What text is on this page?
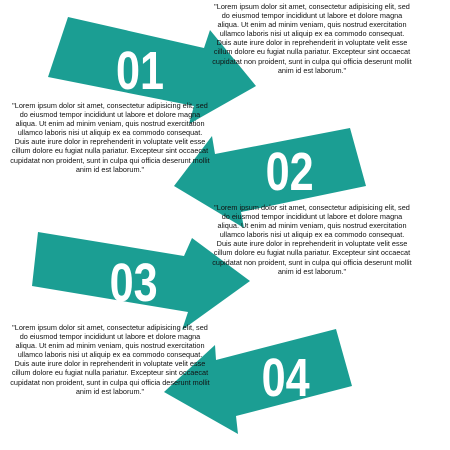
01
02
03
04

"Lorem ipsum dolor sit amet, consectetur adipisicing elit, sed do eiusmod tempor incididunt ut labore et dolore magna aliqua. Ut enim ad minim veniam, quis nostrud exercitation ullamco laboris nisi ut aliquip ex ea commodo consequat. Duis aute irure dolor in reprehenderit in voluptate velit esse cillum dolore eu fugiat nulla pariatur. Excepteur sint occaecat cupidatat non proident, sunt in culpa qui officia deserunt mollit anim id est laborum."

"Lorem ipsum dolor sit amet, consectetur adipisicing elit, sed do eiusmod tempor incididunt ut labore et dolore magna aliqua. Ut enim ad minim veniam, quis nostrud exercitation ullamco laboris nisi ut aliquip ex ea commodo consequat. Duis aute irure dolor in reprehenderit in voluptate velit esse cillum dolore eu fugiat nulla pariatur. Excepteur sint occaecat cupidatat non proident, sunt in culpa qui officia deserunt mollit anim id est laborum."

"Lorem ipsum dolor sit amet, consectetur adipisicing elit, sed do eiusmod tempor incididunt ut labore et dolore magna aliqua. Ut enim ad minim veniam, quis nostrud exercitation ullamco laboris nisi ut aliquip ex ea commodo consequat. Duis aute irure dolor in reprehenderit in voluptate velit esse cillum dolore eu fugiat nulla pariatur. Excepteur sint occaecat cupidatat non proident, sunt in culpa qui officia deserunt mollit anim id est laborum."

"Lorem ipsum dolor sit amet, consectetur adipisicing elit, sed do eiusmod tempor incididunt ut labore et dolore magna aliqua. Ut enim ad minim veniam, quis nostrud exercitation ullamco laboris nisi ut aliquip ex ea commodo consequat. Duis aute irure dolor in reprehenderit in voluptate velit esse cillum dolore eu fugiat nulla pariatur. Excepteur sint occaecat cupidatat non proident, sunt in culpa qui officia deserunt mollit anim id est laborum."
